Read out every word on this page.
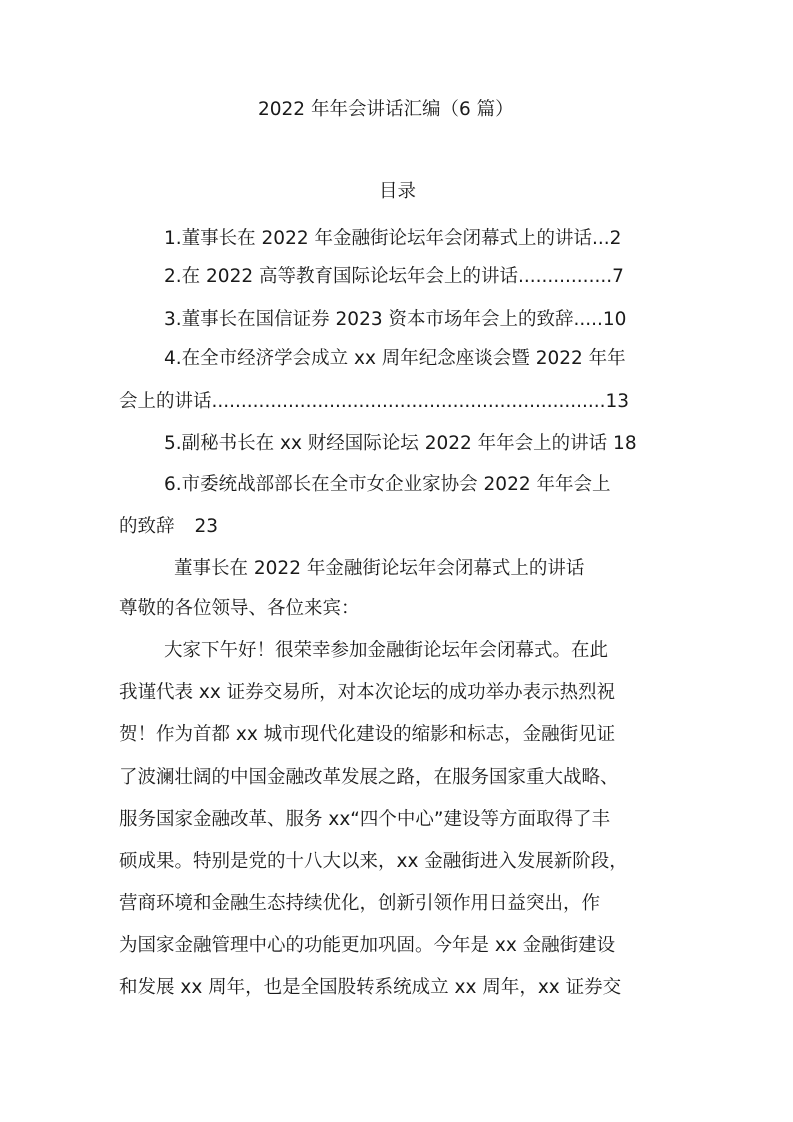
2022 年年会讲话汇编（6 篇）
目录
1.董事长在 2022 年金融街论坛年会闭幕式上的讲话...2
2.在 2022 高等教育国际论坛年会上的讲话................7
3.董事长在国信证券 2023 资本市场年会上的致辞.....10
4.在全市经济学会成立 xx 周年纪念座谈会暨 2022 年年
会上的讲话...................................................................13
5.副秘书长在 xx 财经国际论坛 2022 年年会上的讲话 18
6.市委统战部部长在全市女企业家协会 2022 年年会上
的致辞 23
董事长在 2022 年金融街论坛年会闭幕式上的讲话
尊敬的各位领导、各位来宾：
大家下午好！很荣幸参加金融街论坛年会闭幕式。在此
我谨代表 xx 证券交易所，对本次论坛的成功举办表示热烈祝
贺！作为首都 xx 城市现代化建设的缩影和标志，金融街见证
了波澜壮阔的中国金融改革发展之路，在服务国家重大战略、
服务国家金融改革、服务 xx“四个中心”建设等方面取得了丰
硕成果。特别是党的十八大以来，xx 金融街进入发展新阶段，
营商环境和金融生态持续优化，创新引领作用日益突出，作
为国家金融管理中心的功能更加巩固。今年是 xx 金融街建设
和发展 xx 周年，也是全国股转系统成立 xx 周年，xx 证券交
